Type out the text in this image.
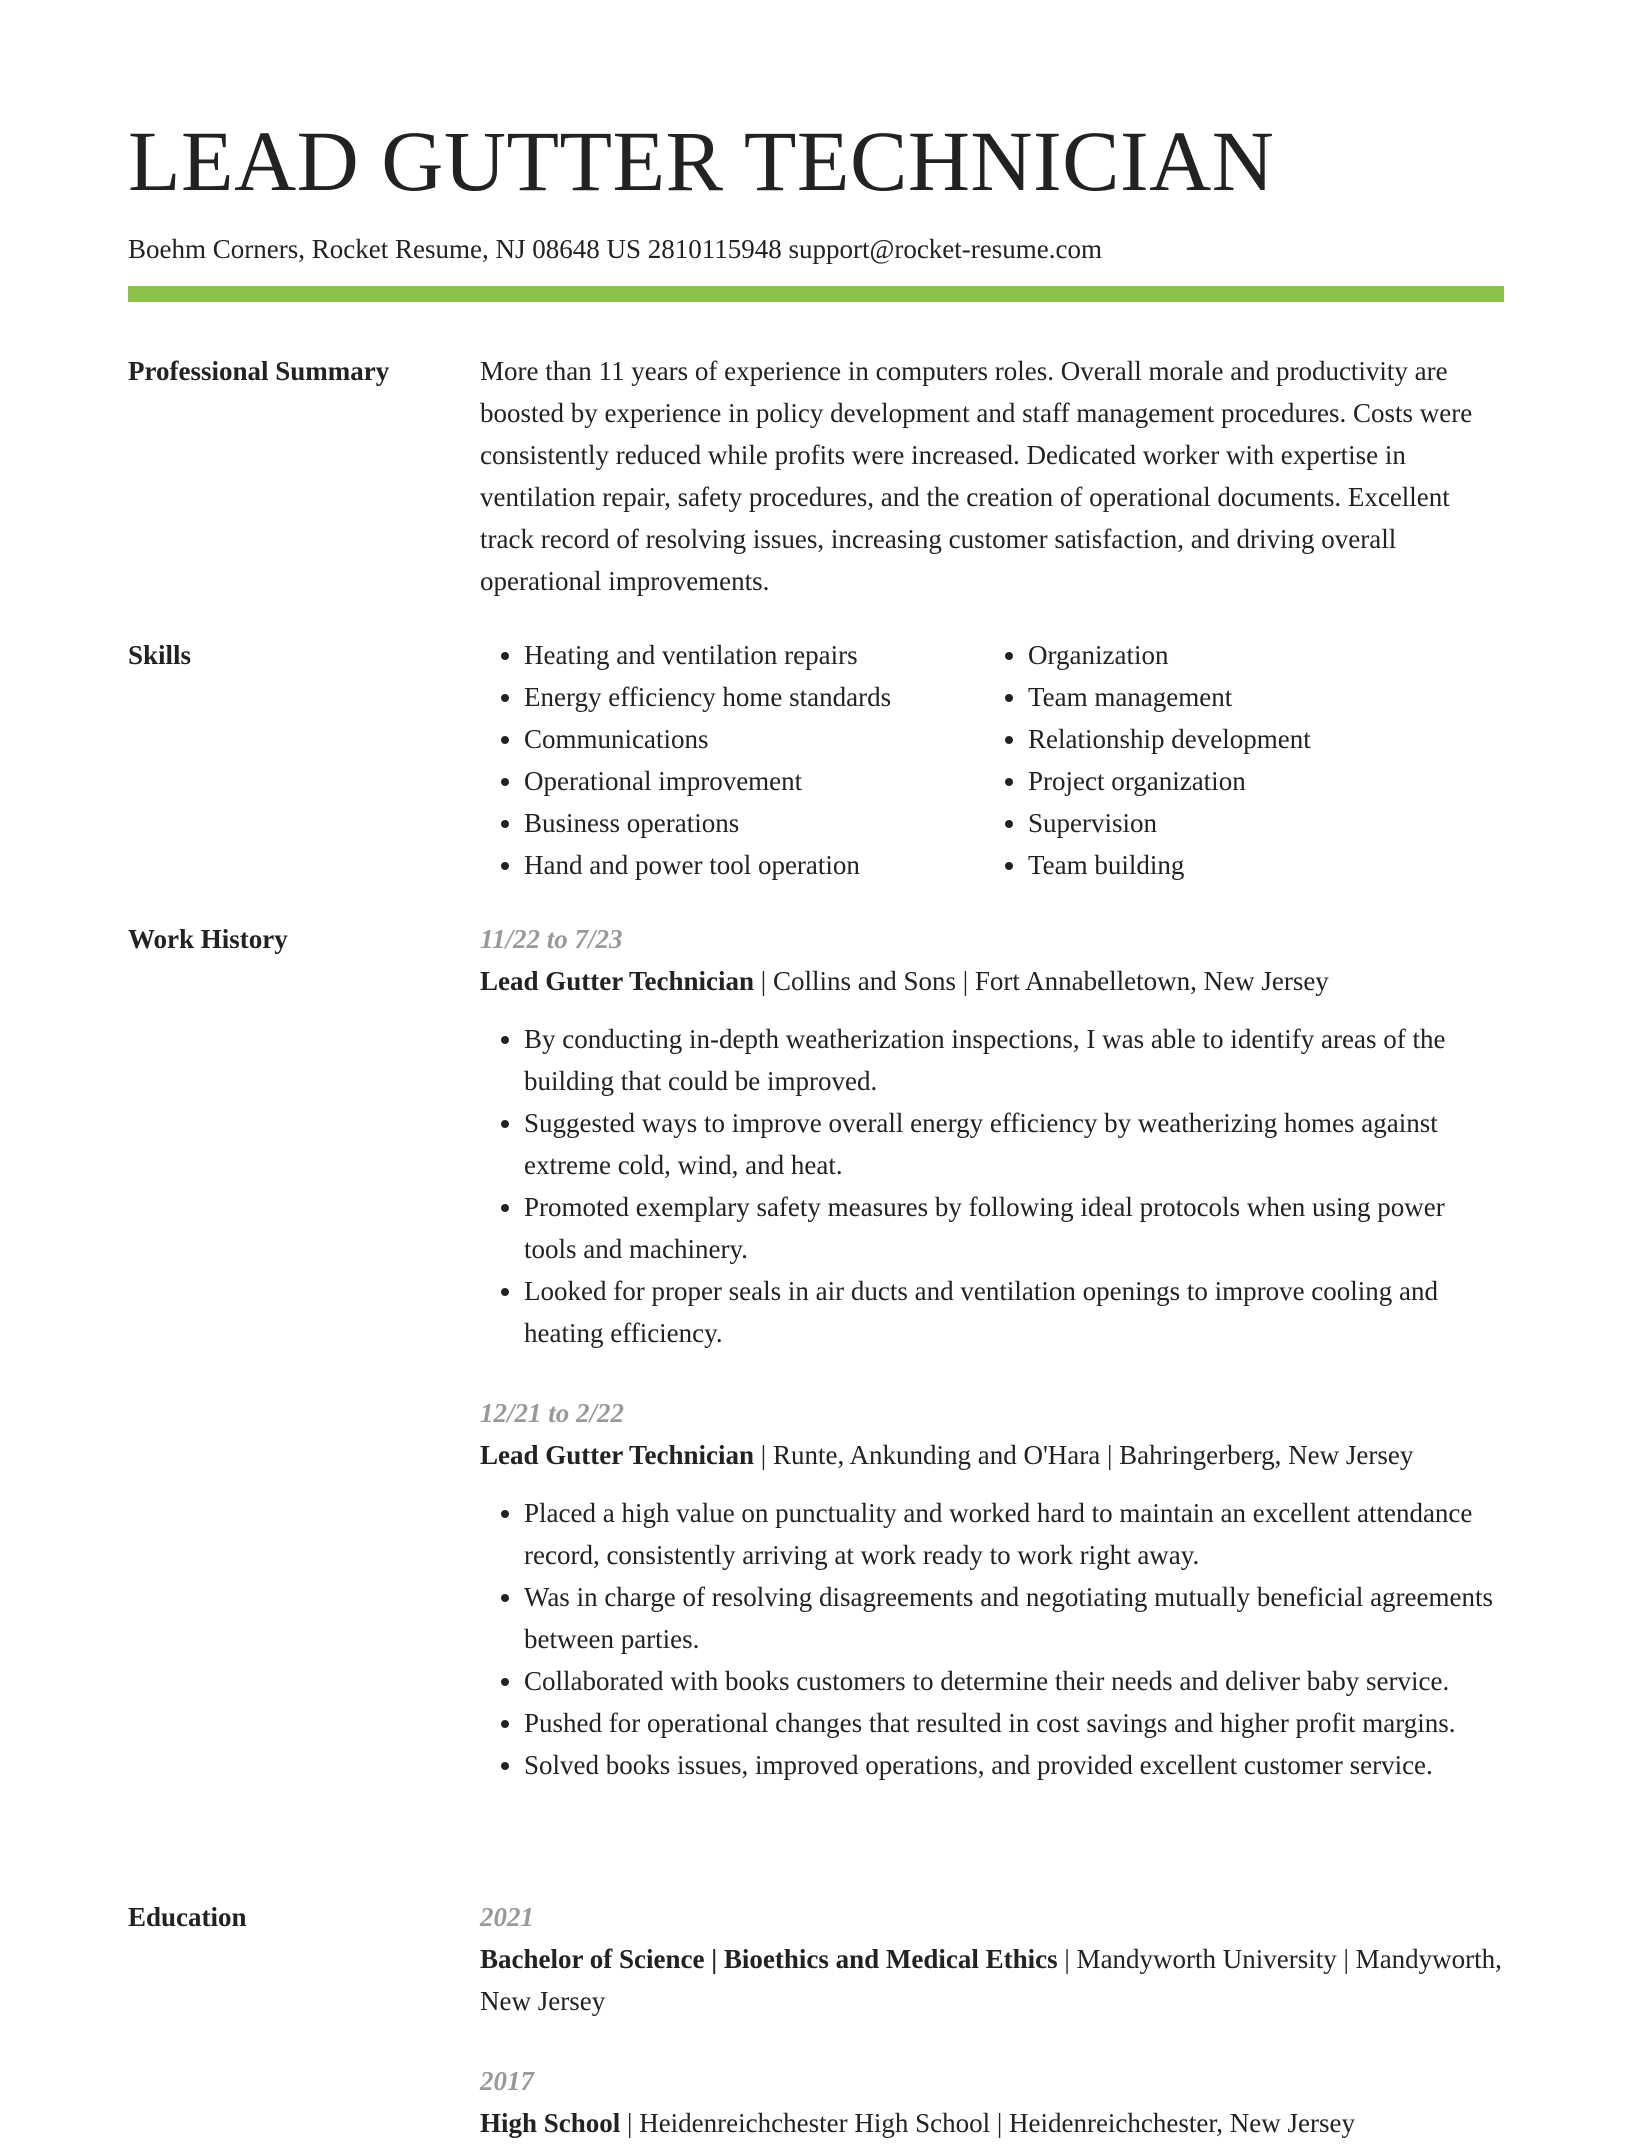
LEAD GUTTER TECHNICIAN
Boehm Corners, Rocket Resume, NJ 08648 US 2810115948 support@rocket-resume.com
Professional Summary	More than 11 years of experience in computers roles. Overall morale and productivity are boosted by experience in policy development and staff management procedures. Costs were consistently reduced while profits were increased. Dedicated worker with expertise in ventilation repair, safety procedures, and the creation of operational documents. Excellent track record of resolving issues, increasing customer satisfaction, and driving overall operational improvements.

Skills
•	Heating and ventilation repairs
• Energy efficiency home standards
• Communications
• Operational improvement
• Business operations
• Hand and power tool operation
• Organization
• Team management
• Relationship development
• Project organization
• Supervision
• Team building
Work History	11/22 to 7/23
Lead Gutter Technician | Collins and Sons | Fort Annabelletown, New Jersey
• By conducting in-depth weatherization inspections, I was able to identify areas of the building that could be improved.
• Suggested ways to improve overall energy efficiency by weatherizing homes against extreme cold, wind, and heat.
• Promoted exemplary safety measures by following ideal protocols when using power tools and machinery.
• Looked for proper seals in air ducts and ventilation openings to improve cooling and heating efficiency.
12/21 to 2/22
Lead Gutter Technician | Runte, Ankunding and O'Hara | Bahringerberg, New Jersey
• Placed a high value on punctuality and worked hard to maintain an excellent attendance record, consistently arriving at work ready to work right away.
• Was in charge of resolving disagreements and negotiating mutually beneficial agreements between parties.
• Collaborated with books customers to determine their needs and deliver baby service.
• Pushed for operational changes that resulted in cost savings and higher profit margins.
• Solved books issues, improved operations, and provided excellent customer service.
Education	2021
Bachelor of Science | Bioethics and Medical Ethics | Mandyworth University | Mandyworth, New Jersey
2017
High School | Heidenreichchester High School | Heidenreichchester, New Jersey
